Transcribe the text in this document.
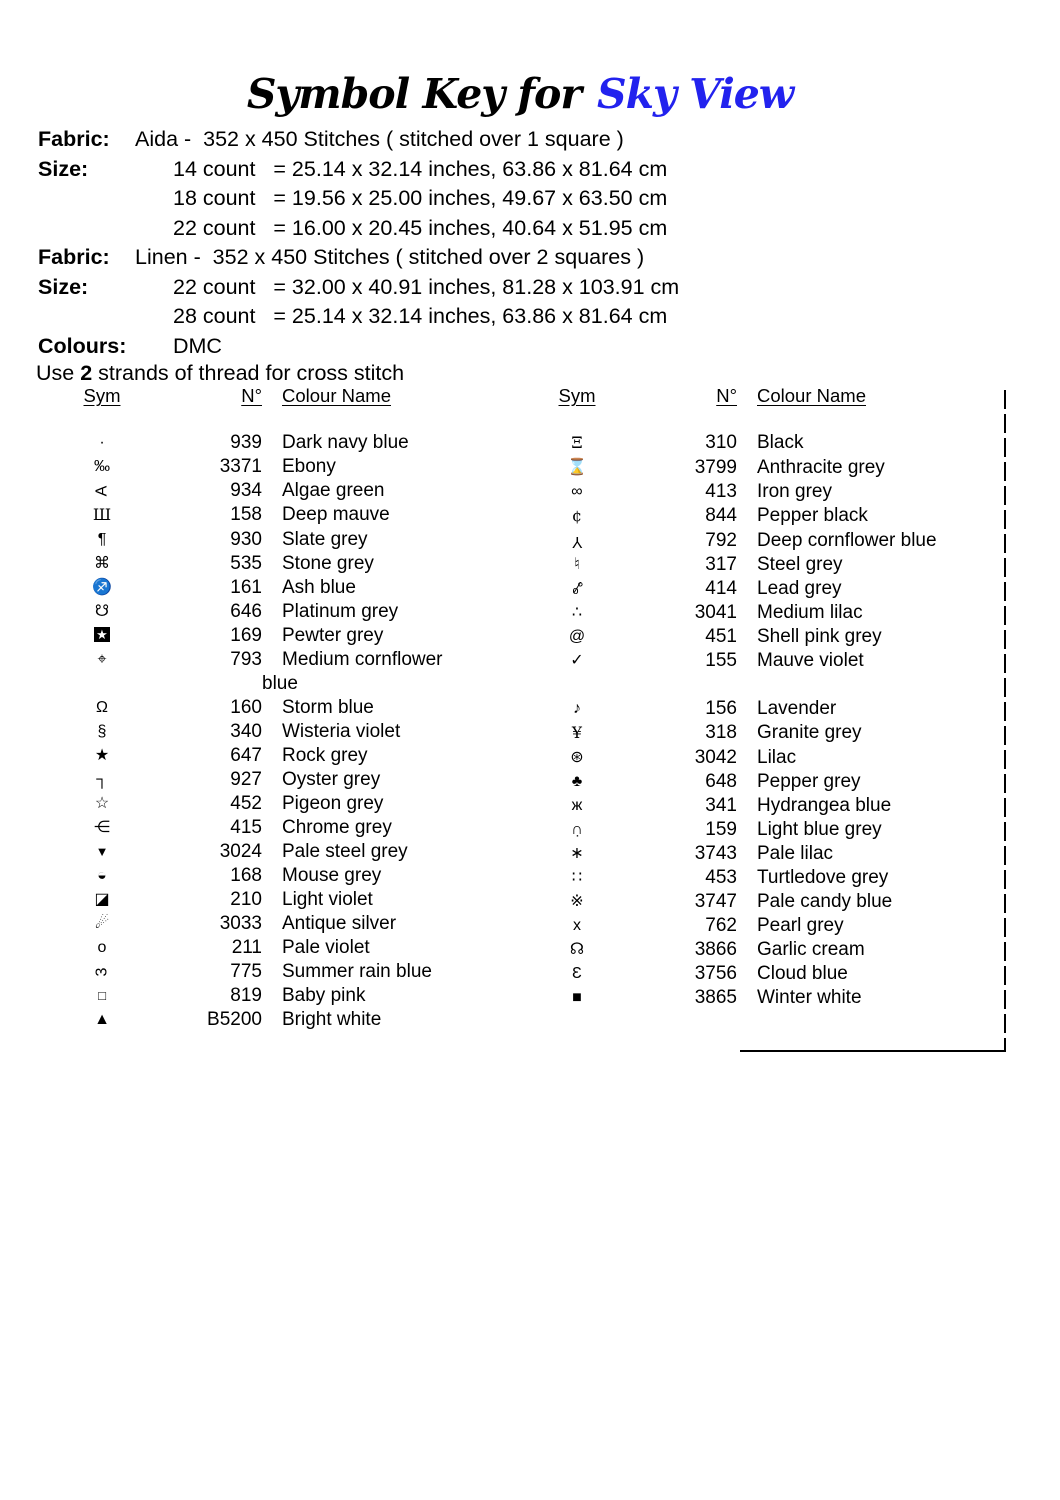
Symbol Key for Sky View
Fabric:	Aida -  352 x 450 Stitches ( stitched over 1 square )
Size:	14 count   = 25.14 x 32.14 inches, 63.86 x 81.64 cm
18 count   = 19.56 x 25.00 inches, 49.67 x 63.50 cm
22 count   = 16.00 x 20.45 inches, 40.64 x 51.95 cm
Fabric:	Linen -  352 x 450 Stitches ( stitched over 2 squares )
Size:	22 count   = 32.00 x 40.91 inches, 81.28 x 103.91 cm
28 count   = 25.14 x 32.14 inches, 63.86 x 81.64 cm
Colours:	DMC
Use 2 strands of thread for cross stitch
Sym	N°	Colour Name
·	939	Dark navy blue
‰	3371	Ebony
A	934	Algae green
Ш	158	Deep mauve
¶	930	Slate grey
⌘	535	Stone grey
♐	161	Ash blue
☋	646	Platinum grey
★	169	Pewter grey
⌖	793	Medium cornflower blue
Ω	160	Storm blue
§	340	Wisteria violet
★	647	Rock grey
┐	927	Oyster grey
☆	452	Pigeon grey
⋲	415	Chrome grey
▼	3024	Pale steel grey
◒	168	Mouse grey
◪	210	Light violet
☄	3033	Antique silver
o	211	Pale violet
3	775	Summer rain blue
□	819	Baby pink
▲	B5200	Bright white
Sym	N°	Colour Name
Ξ	310	Black
⌛	3799	Anthracite grey
∞	413	Iron grey
¢	844	Pepper black
Y	792	Deep cornflower blue
♮	317	Steel grey
ₒ∕°	414	Lead grey
∴	3041	Medium lilac
@	451	Shell pink grey
✓	155	Mauve violet
♪	156	Lavender
¥	318	Granite grey
⊛	3042	Lilac
♣	648	Pepper grey
ж	341	Hydrangea blue
∩̣	159	Light blue grey
∗	3743	Pale lilac
∷	453	Turtledove grey
※	3747	Pale candy blue
x	762	Pearl grey
☊	3866	Garlic cream
Ɛ	3756	Cloud blue
■	3865	Winter white
